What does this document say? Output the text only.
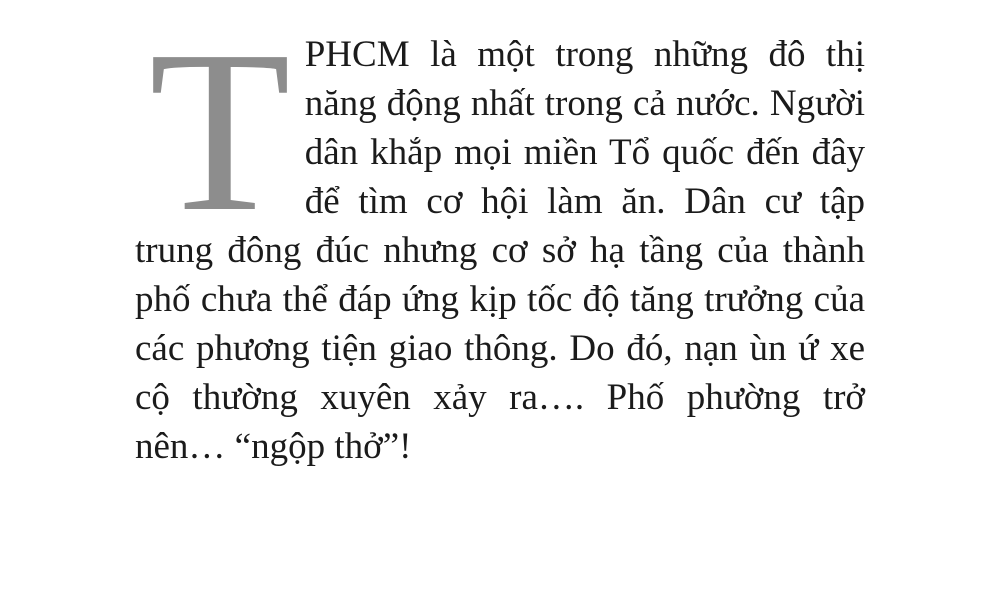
TPHCM là một trong những đô thị năng động nhất trong cả nước. Người dân khắp mọi miền Tổ quốc đến đây để tìm cơ hội làm ăn. Dân cư tập trung đông đúc nhưng cơ sở hạ tầng của thành phố chưa thể đáp ứng kịp tốc độ tăng trưởng của các phương tiện giao thông. Do đó, nạn ùn ứ xe cộ thường xuyên xảy ra…. Phố phường trở nên… “ngộp thở”!
